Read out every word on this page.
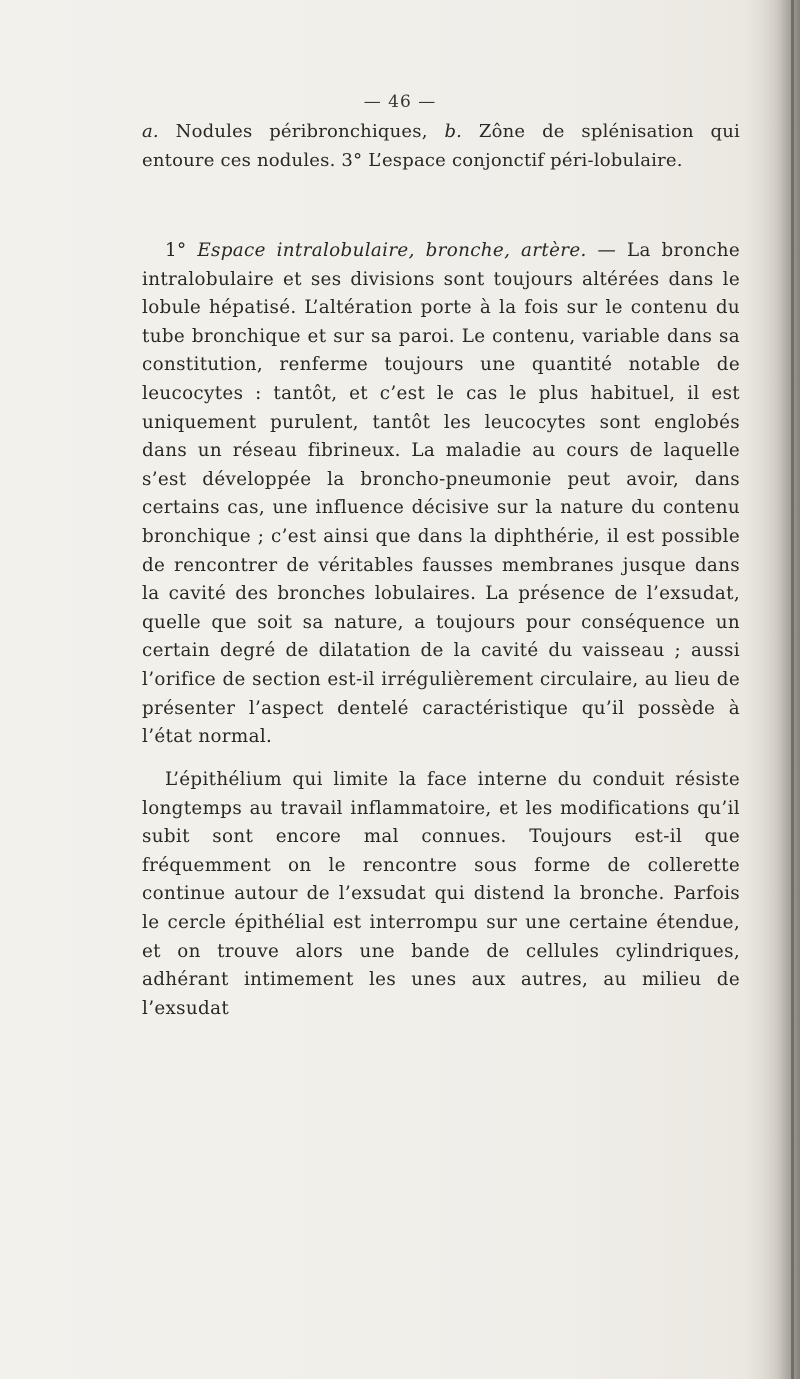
— 46 —

a. Nodules péribronchiques, b. Zône de splénisation qui entoure ces nodules. 3° L’espace conjonctif péri-lobulaire.

1° Espace intralobulaire, bronche, artère. — La bronche intralobulaire et ses divisions sont toujours altérées dans le lobule hépatisé. L’altération porte à la fois sur le contenu du tube bronchique et sur sa paroi. Le contenu, variable dans sa constitution, renferme toujours une quantité notable de leucocytes : tantôt, et c’est le cas le plus habituel, il est uniquement purulent, tantôt les leucocytes sont englobés dans un réseau fibrineux. La maladie au cours de laquelle s’est développée la broncho-pneumonie peut avoir, dans certains cas, une influence décisive sur la nature du contenu bronchique ; c’est ainsi que dans la diphthérie, il est possible de rencontrer de véritables fausses membranes jusque dans la cavité des bronches lobulaires. La présence de l’exsudat, quelle que soit sa nature, a toujours pour conséquence un certain degré de dilatation de la cavité du vaisseau ; aussi l’orifice de section est-il irrégulièrement circulaire, au lieu de présenter l’aspect dentelé caractéristique qu’il possède à l’état normal.

L’épithélium qui limite la face interne du conduit résiste longtemps au travail inflammatoire, et les modifications qu’il subit sont encore mal connues. Toujours est-il que fréquemment on le rencontre sous forme de collerette continue autour de l’exsudat qui distend la bronche. Parfois le cercle épithélial est interrompu sur une certaine étendue, et on trouve alors une bande de cellules cylindriques, adhérant intimement les unes aux autres, au milieu de l’exsudat
